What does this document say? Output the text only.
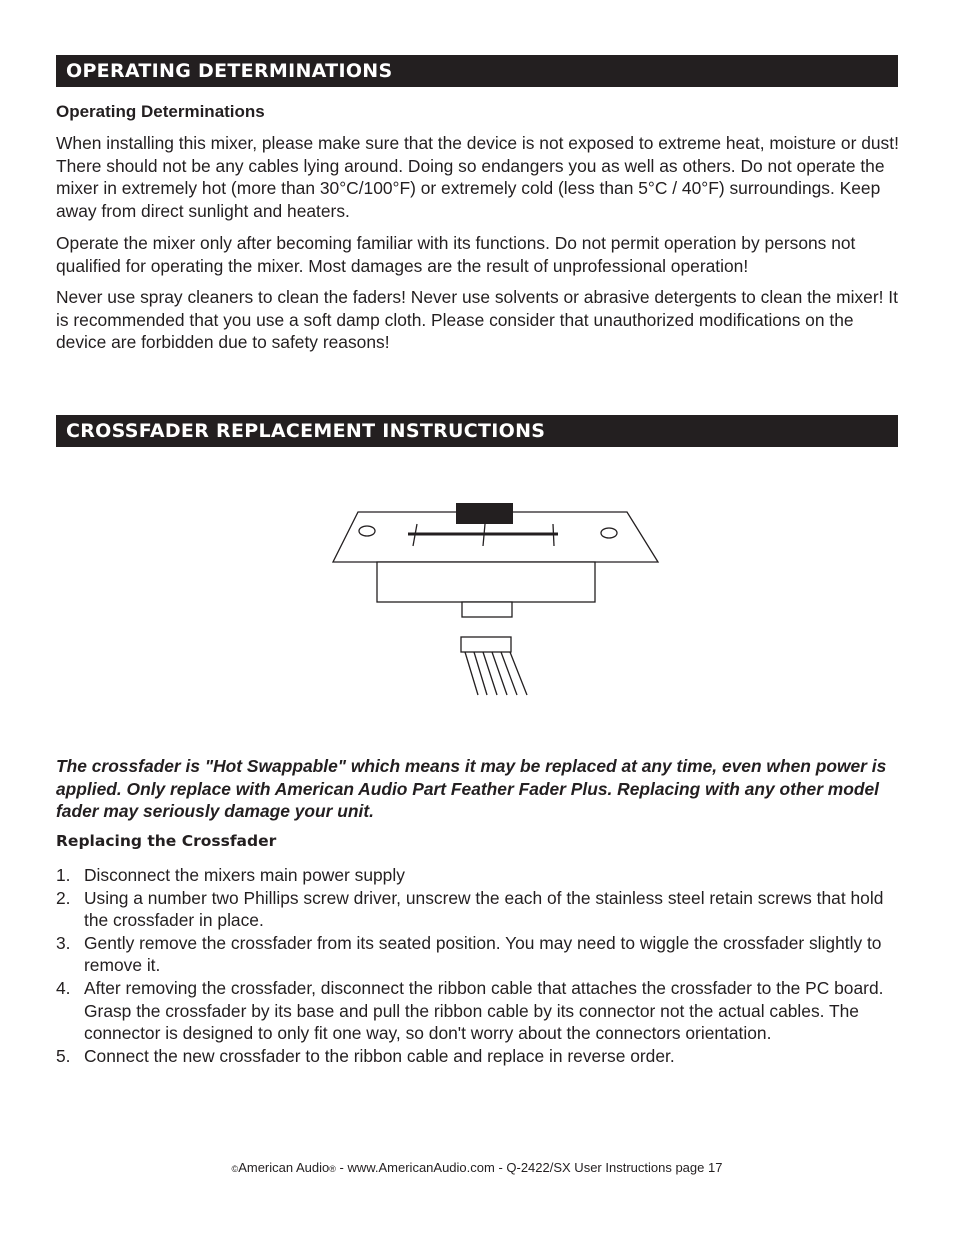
OPERATING DETERMINATIONS
Operating Determinations
When installing this mixer, please make sure that the device is not exposed to extreme heat, moisture or dust! There should not be any cables lying around. Doing so endangers you as well as others. Do not operate the mixer in extremely hot (more than 30°C/100°F) or extremely cold (less than 5°C / 40°F) surroundings. Keep away from direct sunlight and heaters.
Operate the mixer only after becoming familiar with its functions. Do not permit operation by persons not qualified for operating the mixer. Most damages are the result of unprofessional operation!
Never use spray cleaners to clean the faders! Never use solvents or abrasive detergents to clean the mixer! It is recommended that you use a soft damp cloth. Please consider that unauthorized modifications on the device are forbidden due to safety reasons!
CROSSFADER REPLACEMENT INSTRUCTIONS
The crossfader is "Hot Swappable" which means it may be replaced at any time, even when power is applied. Only replace with American Audio Part Feather Fader Plus. Replacing with any other model fader may seriously damage your unit.
Replacing the Crossfader
1. Disconnect the mixers main power supply
2. Using a number two Phillips screw driver, unscrew the each of the stainless steel retain screws that hold the crossfader in place.
3. Gently remove the crossfader from its seated position. You may need to wiggle the crossfader slightly to remove it.
4. After removing the crossfader, disconnect the ribbon cable that attaches the crossfader to the PC board. Grasp the crossfader by its base and pull the ribbon cable by its connector not the actual cables. The connector is designed to only fit one way, so don't worry about the connectors orientation.
5. Connect the new crossfader to the ribbon cable and replace in reverse order.
©American Audio® - www.AmericanAudio.com - Q-2422/SX User Instructions page 17
